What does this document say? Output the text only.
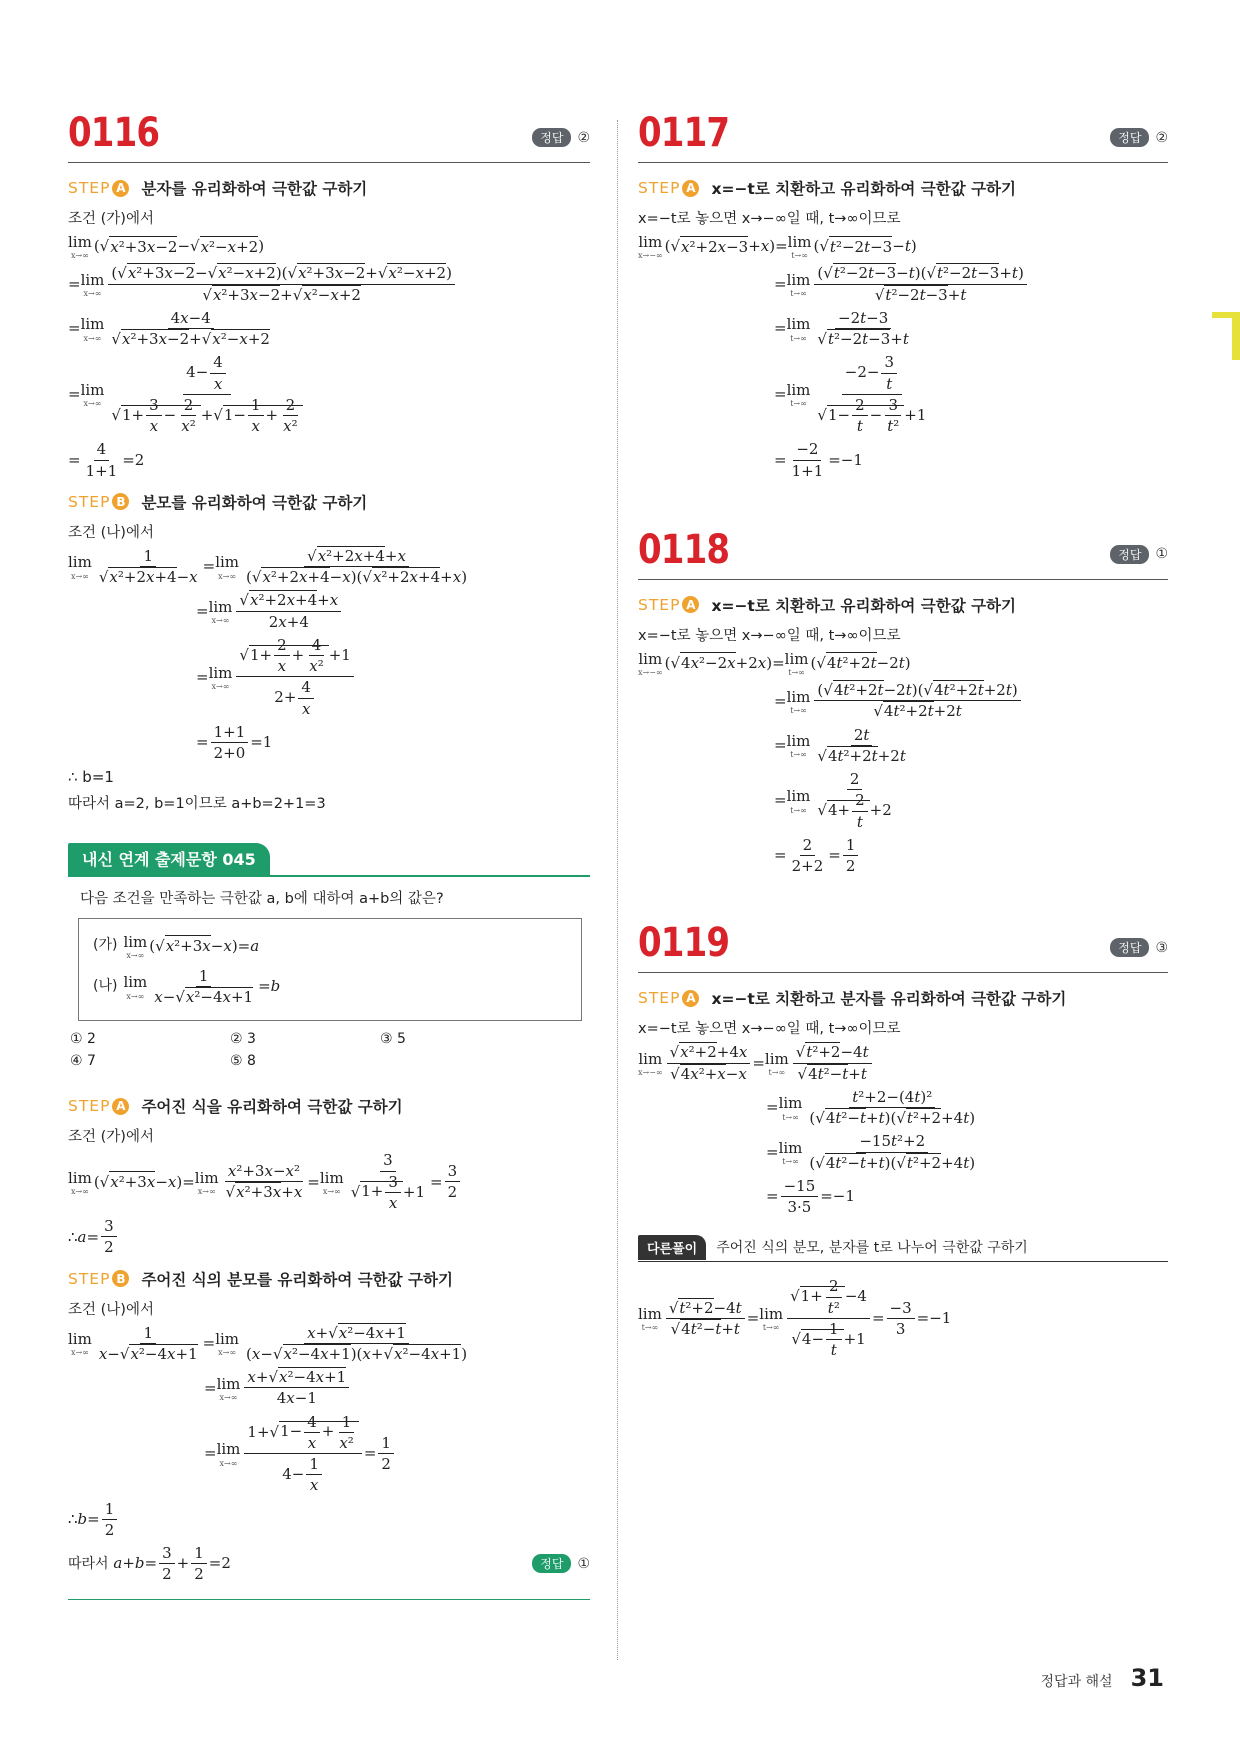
0116	정답	②
STEP A 분자를 유리화하여 극한값 구하기
조건 (가)에서
lim
x→∞
(√ x²+3x−2 −√ x²−x+2 )
= lim
$x\to\infty \frac{\text{(√x²+3x−2−√x²−x+2)(√x²+3x−2+√x²−x+2)}}{\text{√x²+3x−2+√x²−x+2}}$
= lim
$x\to\infty \frac{4x-4}{\text{√x²+3x−2+√x²−x+2}}$
= lim
$x\to\infty \frac{4- \frac{4}{x}}{√1+ \frac{3}{x} - \frac{2}{\text{x²}} +√1- \frac{1}{x} + \frac{2}{\text{x²}}}$
= $\frac{4}{1+1} =2$
STEP B 분모를 유리화하여 극한값 구하기
조건 (나)에서
lim
$x\to\infty \frac{1}{\text{√x²+2x+4−x}} = \lim$
$x\to\infty \frac{\text{√x²+2x+4+x}}{\text{(√x²+2x+4−x)(√x²+2x+4+x)}}$
= lim
$x\to\infty \frac{\text{√x²+2x+4+x}}{2x+4}$
= lim
$x\to\infty \frac{√1+ \frac{2}{x} + \frac{4}{\text{x²}} +1}{2+ \frac{4}{x}}$
= $\frac{1+1}{2+0} =1$
∴ b=1
따라서 a=2, b=1이므로 a+b=2+1=3
내신 연계 출제문항 045
다음 조건을 만족하는 극한값 a, b에 대하여 a+b의 값은?
(가) lim
x→∞
(√ x²+3x − x )= a
(나) lim
$x\to\infty \frac{1}{\text{x−√x²−4x+1}} = b$
① 2	② 3	③ 5
④ 7	⑤ 8
STEP A 주어진 식을 유리화하여 극한값 구하기
조건 (가)에서
lim
x→∞
(√ x²+3x − x )= lim
$x\to\infty \frac{\text{x²+3x−x²}}{\text{√x²+3x+x}} = \lim$
$x\to\infty \frac{3}{√1+ \frac{3}{x} +1} = \frac{3}{2}$
∴ $a = \frac{3}{2}$
STEP B 주어진 식의 분모를 유리화하여 극한값 구하기
조건 (나)에서
lim
$x\to\infty \frac{1}{\text{x−√x²−4x+1}} = \lim$
$x\to\infty \frac{\text{x+√x²−4x+1}}{\text{(x−√x²−4x+1)(x+√x²−4x+1)}}$
= lim
$x\to\infty \frac{\text{x+√x²−4x+1}}{4x-1}$
= lim
$x\to\infty \frac{1+√1- \frac{4}{x} + \frac{1}{\text{x²}}}{4- \frac{1}{x}} = \frac{1}{2}$
∴ $b = \frac{1}{2}$
따라서 $a+b= \frac{3}{2} + \frac{1}{2} =2$	정답	①
0117	정답	②
STEP A x=−t로 치환하고 유리화하여 극한값 구하기
x=−t로 놓으면 x→−∞일 때, t→∞이므로
lim
x→−∞
(√ x²+2x−3 + x )= lim
t→∞
(√ t²−2t−3 − t )
= lim
$t\to\infty \frac{\text{(√t²−2t−3−t)(√t²−2t−3+t)}}{\text{√t²−2t−3+t}}$
= lim
$t\to\infty \frac{-2t-3}{\text{√t²−2t−3+t}}$
= lim
$t\to\infty \frac{-2- \frac{3}{t}}{√1- \frac{2}{t} - \frac{3}{\text{t²}} +1}$
= $\frac{-2}{1+1} =-1$
0118	정답	①
STEP A x=−t로 치환하고 유리화하여 극한값 구하기
x=−t로 놓으면 x→−∞일 때, t→∞이므로
lim
x→−∞
(√ 4x²−2x +2 x )= lim
t→∞
(√ 4t²+2t −2 t )
= lim
$t\to\infty \frac{\text{(√4t²+2t−2t)(√4t²+2t+2t)}}{\text{√4t²+2t+2t}}$
= lim
$t\to\infty \frac{2t}{\text{√4t²+2t+2t}}$
= lim
$t\to\infty \frac{2}{√4+ \frac{2}{t} +2}$
= $\frac{2}{2+2} = \frac{1}{2}$
0119	정답	③
STEP A x=−t로 치환하고 분자를 유리화하여 극한값 구하기
x=−t로 놓으면 x→−∞일 때, t→∞이므로
lim
$x\to-\infty \frac{\text{√x²+2+4x}}{\text{√4x²+x−x}} = \lim$
$t\to\infty \frac{\text{√t²+2−4t}}{\text{√4t²−t+t}}$
= lim
$t\to\infty \frac{\text{t²+2−(4t)²}}{\text{(√4t²−t+t)(√t²+2+4t)}}$
= lim
$t\to\infty \frac{\text{−15t²+2}}{\text{(√4t²−t+t)(√t²+2+4t)}}$
= $\frac{-15}{3\cdot 5} =-1$
다른풀이	주어진 식의 분모, 분자를 t로 나누어 극한값 구하기
lim
$t\to\infty \frac{\text{√t²+2−4t}}{\text{√4t²−t+t}} = \lim$
$t\to\infty \frac{√1+ \frac{2}{\text{t²}} -4}{√4- \frac{1}{t} +1} = \frac{-3}{3} =-1$
정답과 해설 31
